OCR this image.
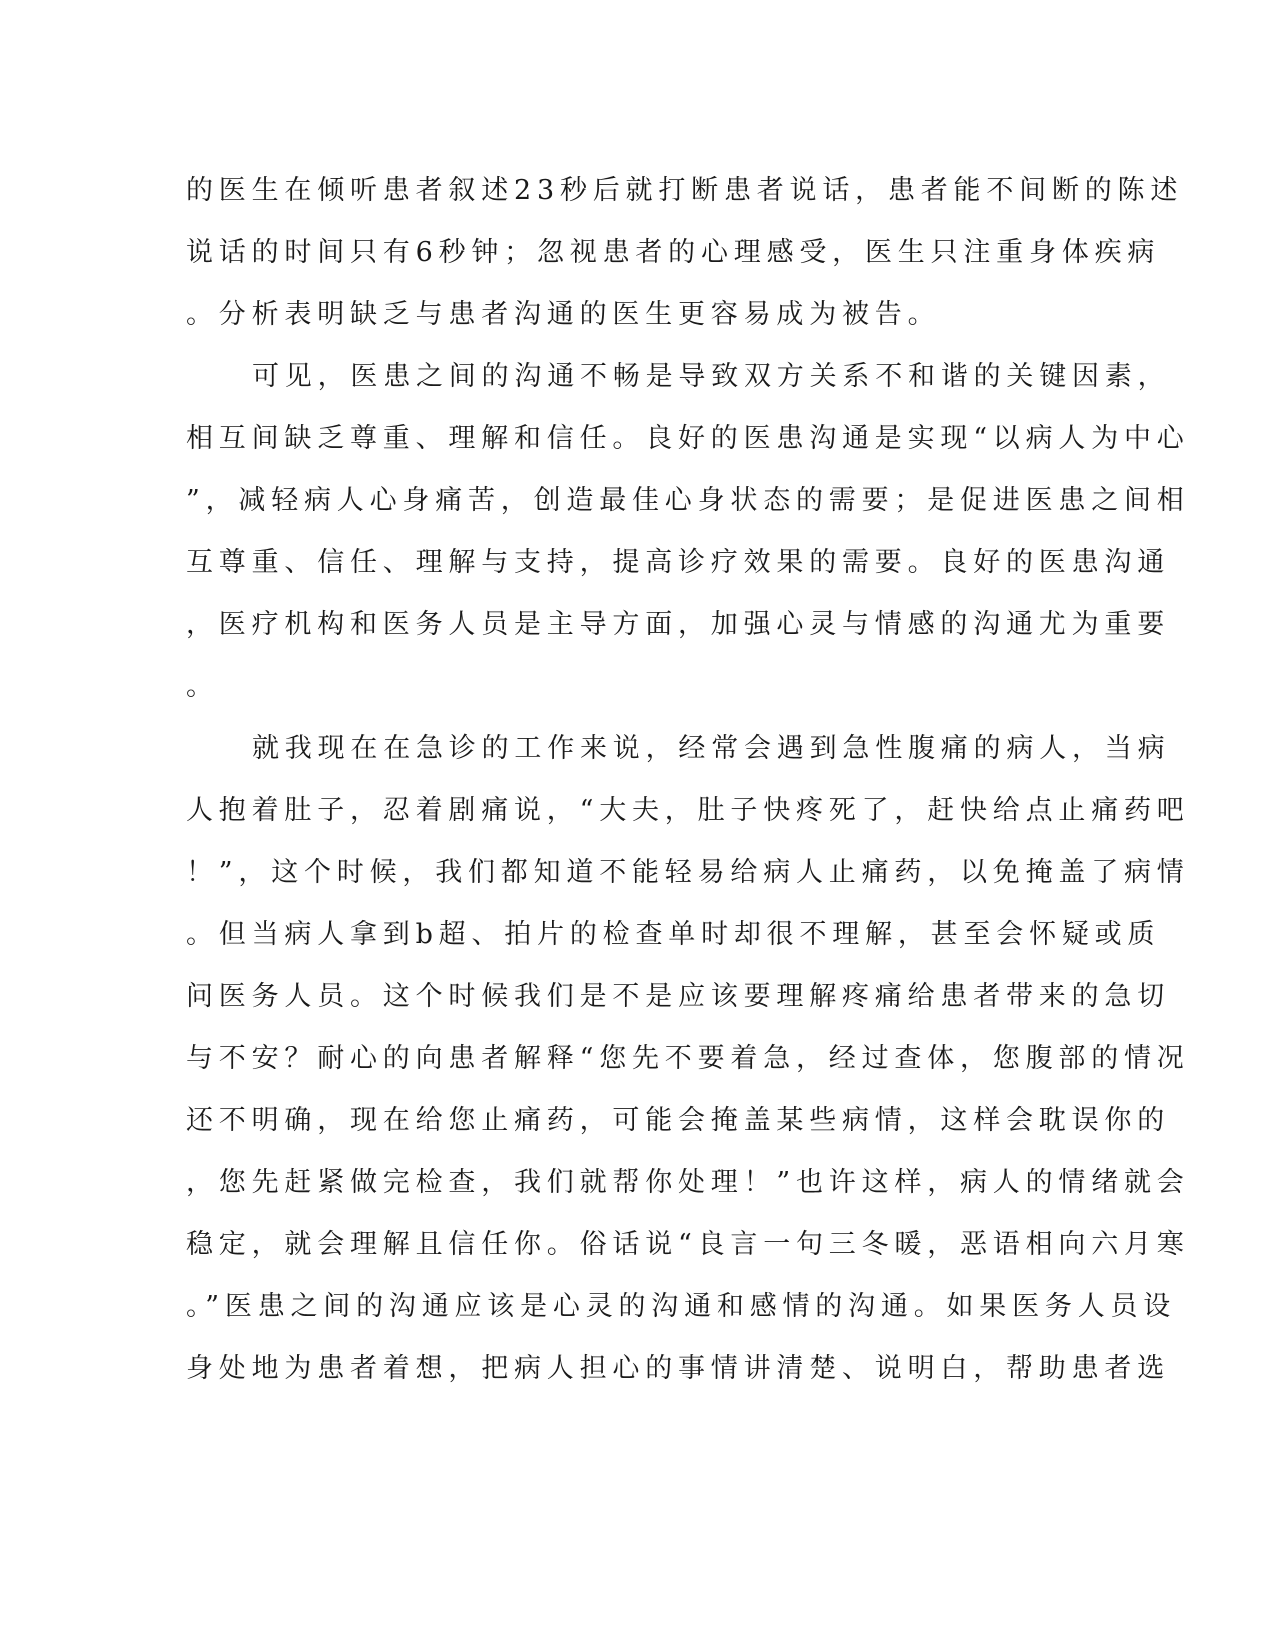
的医生在倾听患者叙述23秒后就打断患者说话，患者能不间断的陈述
说话的时间只有6秒钟；忽视患者的心理感受，医生只注重身体疾病
。分析表明缺乏与患者沟通的医生更容易成为被告。
可见，医患之间的沟通不畅是导致双方关系不和谐的关键因素，
相互间缺乏尊重、理解和信任。良好的医患沟通是实现“以病人为中心
”，减轻病人心身痛苦，创造最佳心身状态的需要；是促进医患之间相
互尊重、信任、理解与支持，提高诊疗效果的需要。良好的医患沟通
，医疗机构和医务人员是主导方面，加强心灵与情感的沟通尤为重要
。
就我现在在急诊的工作来说，经常会遇到急性腹痛的病人，当病
人抱着肚子，忍着剧痛说，“大夫，肚子快疼死了，赶快给点止痛药吧
！”，这个时候，我们都知道不能轻易给病人止痛药，以免掩盖了病情
。但当病人拿到b超、拍片的检查单时却很不理解，甚至会怀疑或质
问医务人员。这个时候我们是不是应该要理解疼痛给患者带来的急切
与不安？耐心的向患者解释“您先不要着急，经过查体，您腹部的情况
还不明确，现在给您止痛药，可能会掩盖某些病情，这样会耽误你的
，您先赶紧做完检查，我们就帮你处理！”也许这样，病人的情绪就会
稳定，就会理解且信任你。俗话说“良言一句三冬暖，恶语相向六月寒
。”医患之间的沟通应该是心灵的沟通和感情的沟通。如果医务人员设
身处地为患者着想，把病人担心的事情讲清楚、说明白，帮助患者选
